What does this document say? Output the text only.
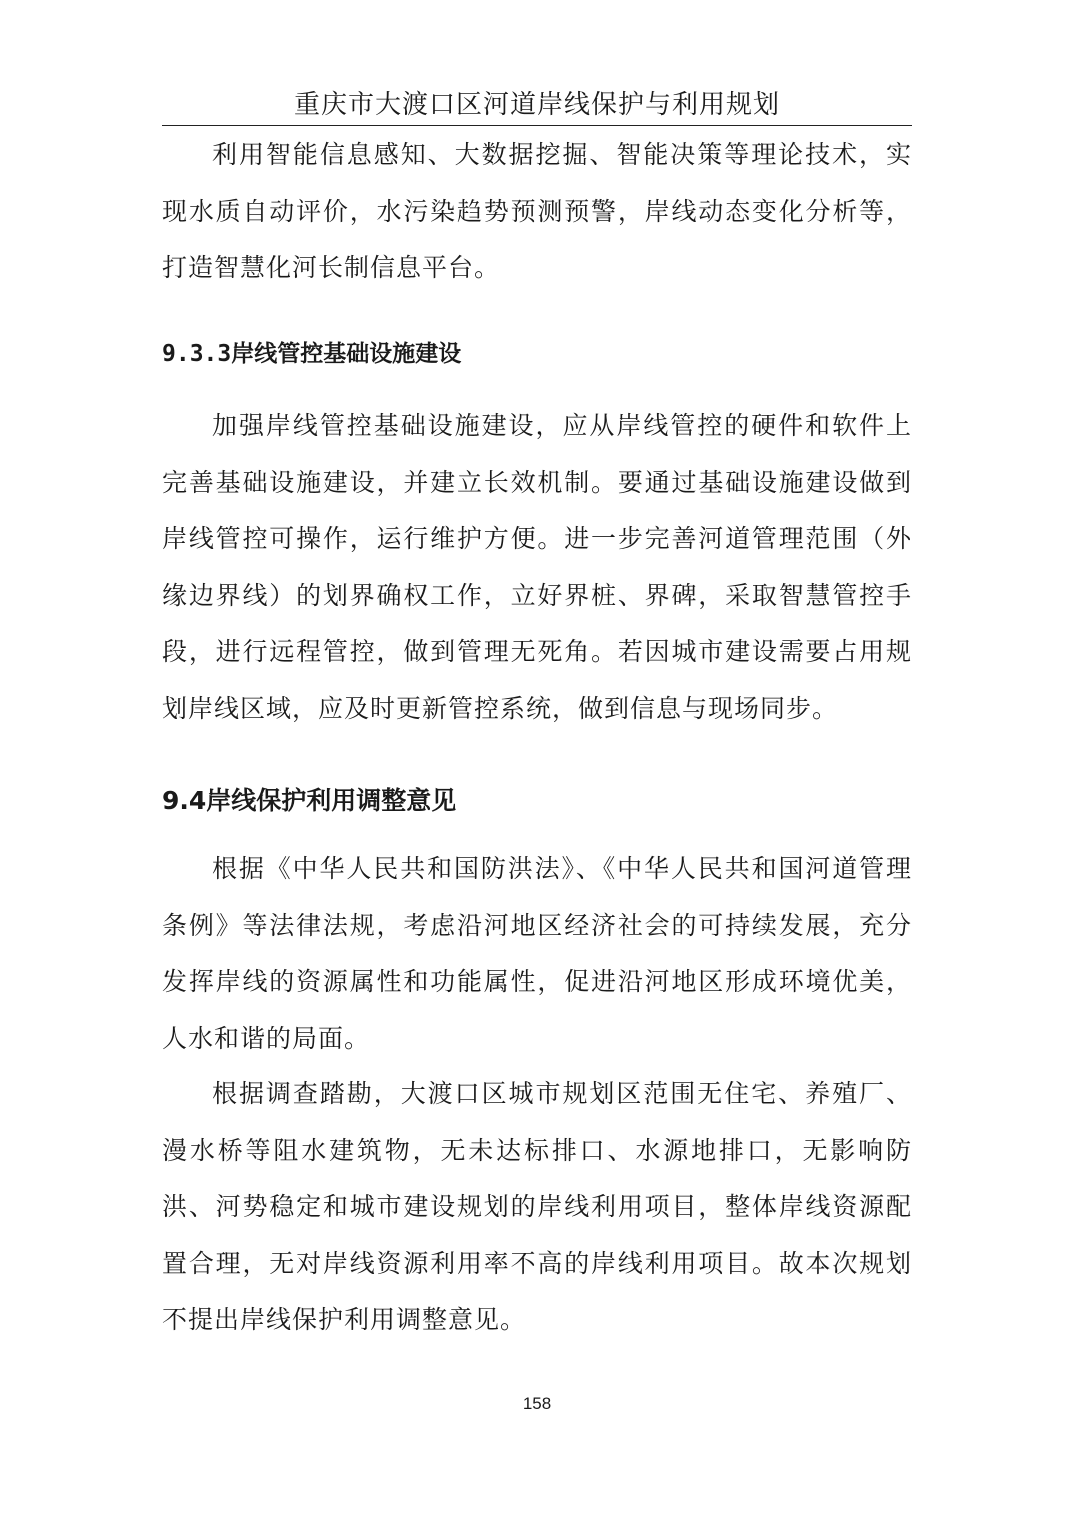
重庆市大渡口区河道岸线保护与利用规划

利用智能信息感知、大数据挖掘、智能决策等理论技术，实现水质自动评价，水污染趋势预测预警，岸线动态变化分析等，打造智慧化河长制信息平台。

9.3.3岸线管控基础设施建设

加强岸线管控基础设施建设，应从岸线管控的硬件和软件上完善基础设施建设，并建立长效机制。要通过基础设施建设做到岸线管控可操作，运行维护方便。进一步完善河道管理范围（外缘边界线）的划界确权工作，立好界桩、界碑，采取智慧管控手段，进行远程管控，做到管理无死角。若因城市建设需要占用规划岸线区域，应及时更新管控系统，做到信息与现场同步。

9.4岸线保护利用调整意见

根据《中华人民共和国防洪法》、《中华人民共和国河道管理条例》等法律法规，考虑沿河地区经济社会的可持续发展，充分发挥岸线的资源属性和功能属性，促进沿河地区形成环境优美，人水和谐的局面。

根据调查踏勘，大渡口区城市规划区范围无住宅、养殖厂、漫水桥等阻水建筑物，无未达标排口、水源地排口，无影响防洪、河势稳定和城市建设规划的岸线利用项目，整体岸线资源配置合理，无对岸线资源利用率不高的岸线利用项目。故本次规划不提出岸线保护利用调整意见。

158
